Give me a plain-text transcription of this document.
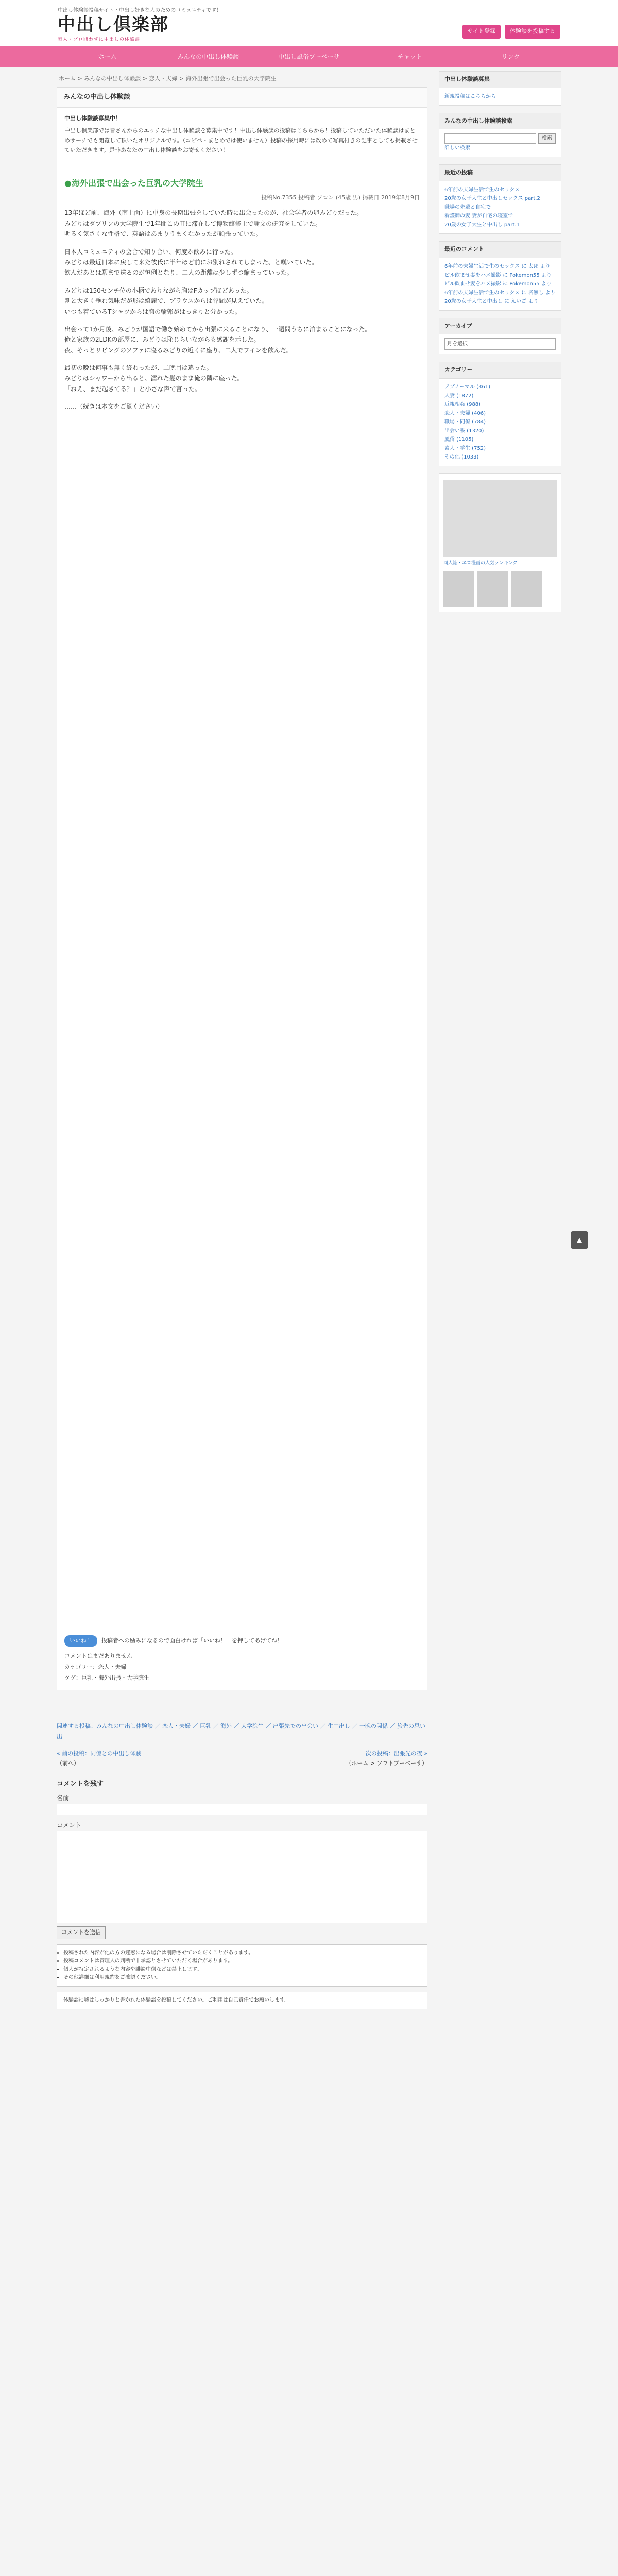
中出し体験談投稿サイト・中出し好きな人のためのコミュニティです！
中出し倶楽部
素人・プロ問わずに中出しの体験談
サイト登録	体験談を投稿する
ホーム	みんなの中出し体験談	中出し風俗ブーベーサ	チャット	リンク
ホーム > みんなの中出し体験談 > 恋人・夫婦 > 海外出張で出会った巨乳の大学院生
みんなの中出し体験談
中出し体験談募集中！
中出し倶楽部では皆さんからのエッチな中出し体験談を募集中です！中出し体験談の投稿はこちらから！投稿していただいた体験談はまとめサーチでも閲覧して頂いたオリジナルです。（コピペ・まとめでは使いません）投稿の採用時には改めて写真付きの記事としても掲載させていただきます。是非あなたの中出し体験談をお寄せください！
●海外出張で出会った巨乳の大学院生
投稿No.7355 投稿者 ソロン (45歳 男) 掲載日 2019年8月9日

13年ほど前、海外（南上面）に単身の長期出張をしていた時に出会ったのが、社会学者の卵みどりだった。
みどりはダブリンの大学院生で1年間この町に滞在して博物館修士で論文の研究をしていた。
明るく気さくな性格で、英語はあまりうまくなかったが頑張っていた。

日本人コミュニティの会合で知り合い、何度か飲みに行った。
みどりは最近日本に戻して来た彼氏に半年ほど前にお別れされてしまった、と嘆いていた。
飲んだあとは駅まで送るのが恒例となり、二人の距離は少しずつ縮まっていった。

みどりは150センチ位の小柄でありながら胸はFカップほどあった。
割と大きく垂れ気味だが形は綺麗で、ブラウスからは谷間が見えていた。
いつも着ているTシャツからは胸の輪郭がはっきりと分かった。

出会って1か月後、みどりが国語で働き始めてから出張に来ることになり、一週間うちに泊まることになった。
俺と家族の2LDKの部屋に、みどりは恥じらいながらも感謝を示した。
夜、そっとリビングのソファに寝るみどりの近くに座り、二人でワインを飲んだ。

最初の晩は何事も無く終わったが、二晩目は違った。
みどりはシャワーから出ると、濡れた髪のまま俺の隣に座った。
「ねえ、まだ起きてる？」と小さな声で言った。

……（続きは本文をご覧ください）

いいね！	投稿者への励みになるので面白ければ「いいね！」を押してあげてね！
コメントはまだありません
カテゴリー：恋人・夫婦
タグ：巨乳・海外出張・大学院生
関連する投稿：みんなの中出し体験談 ／ 恋人・夫婦 ／ 巨乳 ／ 海外 ／ 大学院生 ／ 出張先での出会い ／ 生中出し ／ 一晩の関係 ／ 旅先の思い出
« 前の投稿：同僚との中出し体験
（前へ）
次の投稿：出張先の夜 »
（ホーム > ソフトブーベーサ）
コメントを残す
名前
コメント
コメントを送信
• 投稿された内容が他の方の迷惑になる場合は削除させていただくことがあります。
• 投稿コメントは管理人の判断で非承認とさせていただく場合があります。
• 個人が特定されるような内容や誹謗中傷などは禁止します。
• その他詳細は利用規約をご確認ください。
体験談に嘘はしっかりと書かれた体験談を投稿してください。ご利用は自己責任でお願いします。
中出し体験談募集
新規投稿はこちらから
みんなの中出し体験談検索
検索
詳しい検索
最近の投稿
6年前の夫婦生活で生のセックス
20歳の女子大生と中出しセックス part.2
職場の先輩と自宅で
看護師の妻 妻が自宅の寝室で
20歳の女子大生と中出し part.1
最近のコメント
6年前の夫婦生活で生のセックス に 太郎 より
ピル飲ませ妻をハメ撮影 に Pokemon55 より
ピル飲ませ妻をハメ撮影 に Pokemon55 より
6年前の夫婦生活で生のセックス に 名無し より
20歳の女子大生と中出し に えいご より
アーカイブ
月を選択
カテゴリー
アブノーマル (361)
人妻 (1872)
近親相姦 (988)
恋人・夫婦 (406)
職場・同僚 (784)
出会い系 (1320)
風俗 (1105)
素人・学生 (752)
その他 (1033)
同人誌・エロ漫画の人気ランキング
▲
